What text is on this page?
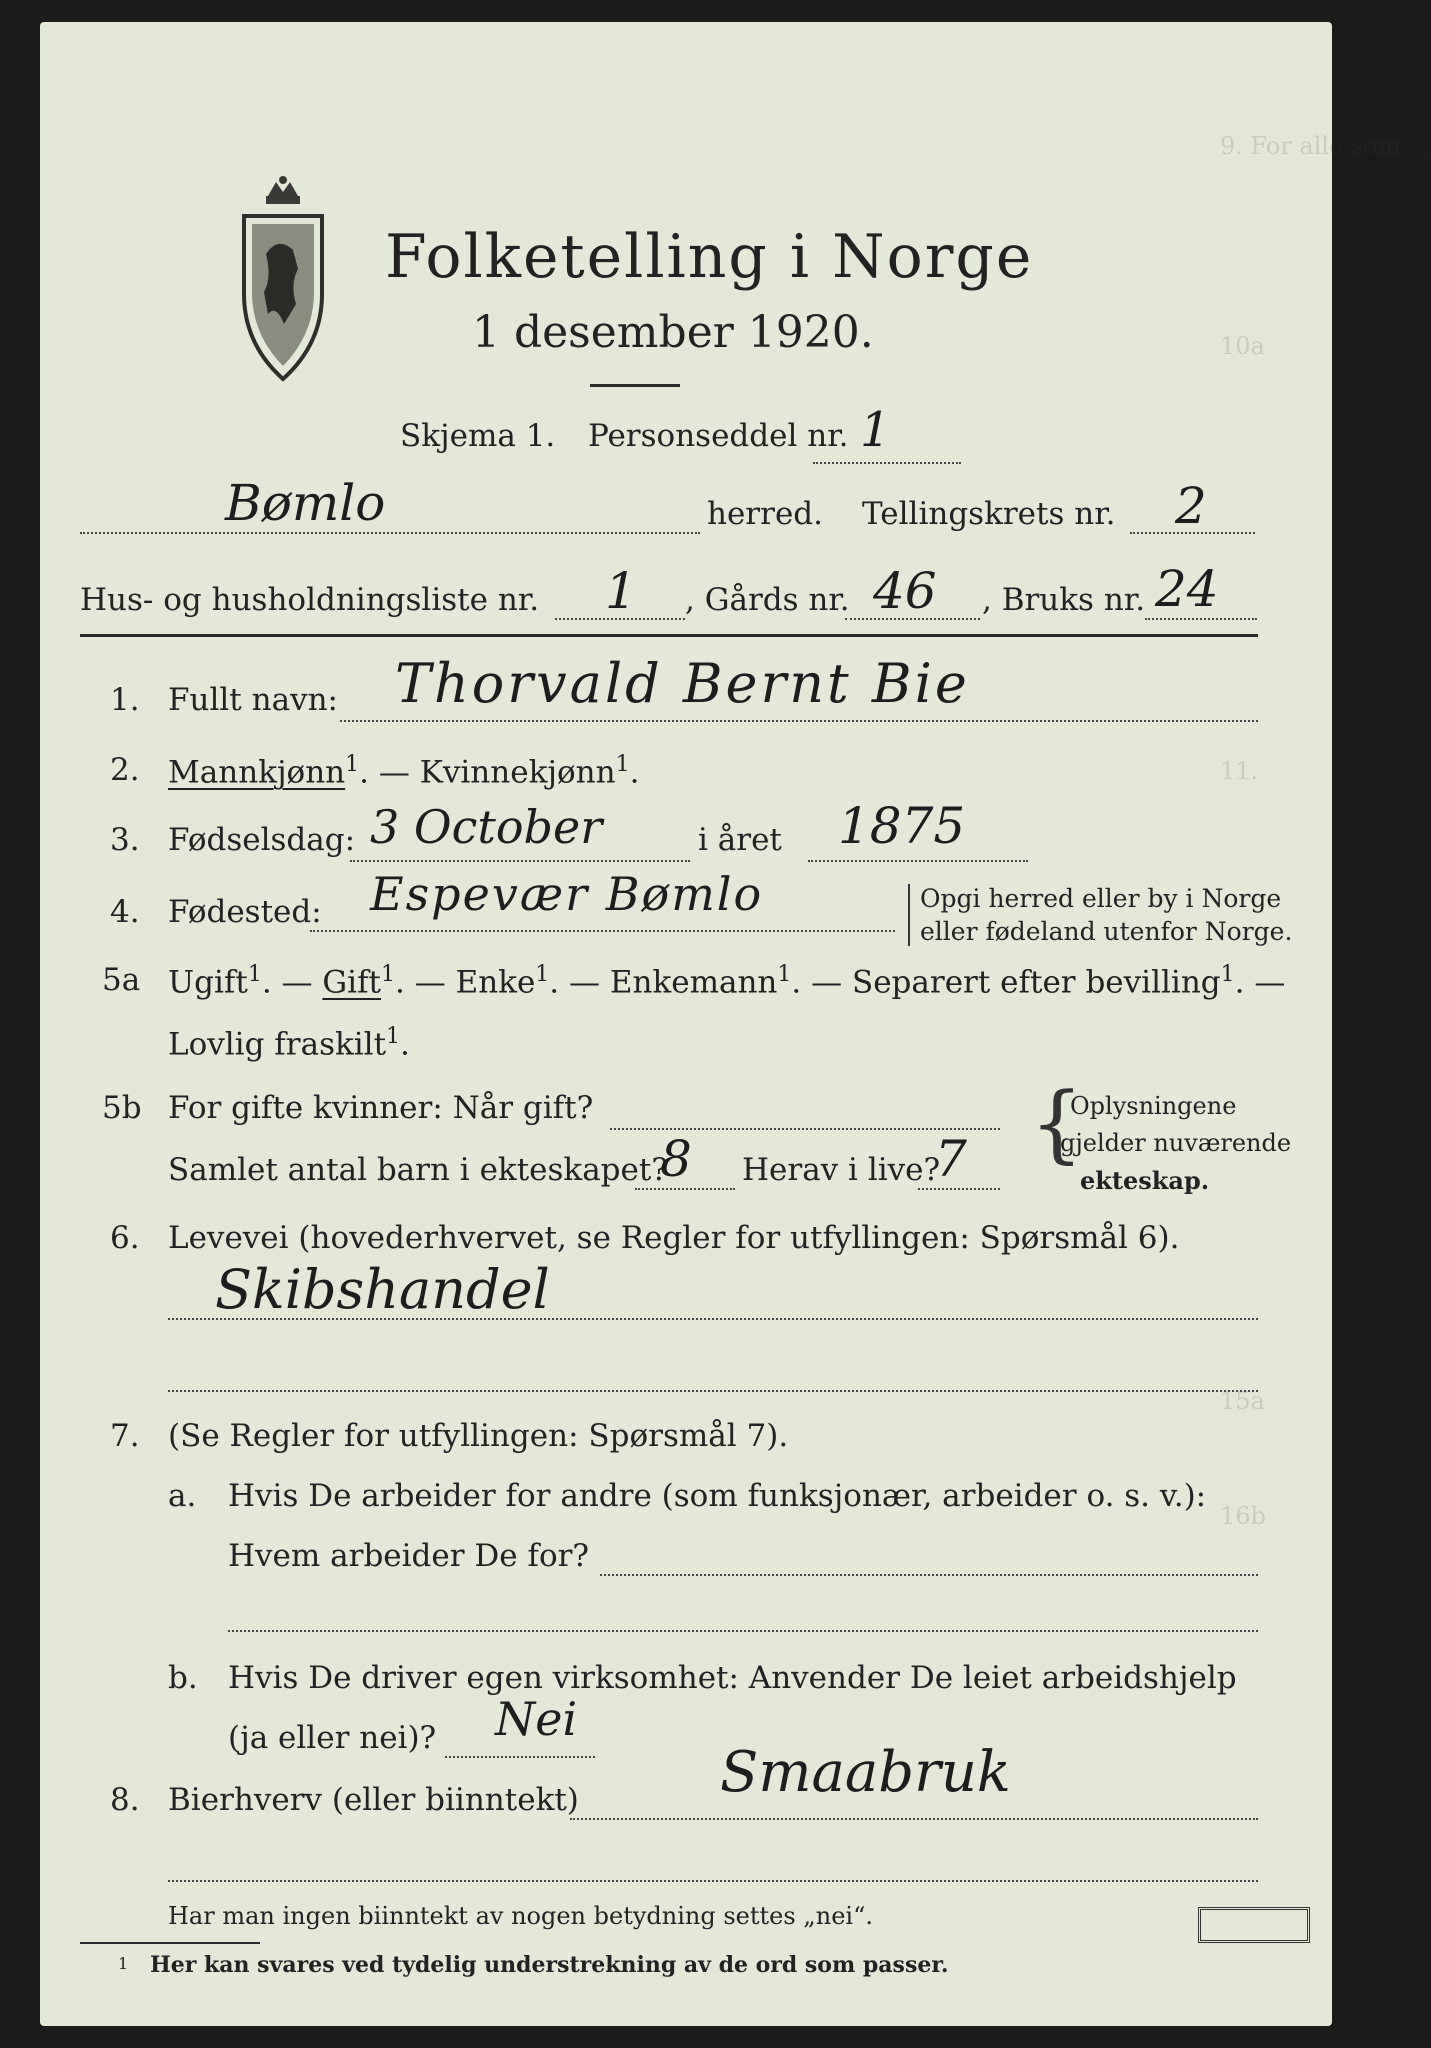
9. For alle som ...
10a
11.
15a
16b
Folketelling i Norge
1 desember 1920.
Skjema 1. Personseddel nr. 1
Bømlo	herred. Tellingskrets nr. 2
Hus- og husholdningsliste nr. 1 , Gårds nr. 46 , Bruks nr. 24
1. Fullt navn: Thorvald Bernt Bie
2. Mannkjønn$^1$. — Kvinnekjønn$^1$.
3. Fødselsdag: 3 October	i året 1875
4. Fødested: Espevær Bømlo	Opgi herred eller by i Norge
eller fødeland utenfor Norge.
5a Ugift$^1$. — Gift$^1$. — Enke$^1$. — Enkemann$^1$. — Separert efter bevilling$^1$. —
Lovlig fraskilt$^1$.
5b For gifte kvinner: Når gift?
Samlet antal barn i ekteskapet?
8 Herav i live?
7 {
Oplysningene
gjelder nuværende
ekteskap.
6. Levevei (hovederhvervet, se Regler for utfyllingen: Spørsmål 6).
Skibshandel
7. (Se Regler for utfyllingen: Spørsmål 7).
a. Hvis De arbeider for andre (som funksjonær, arbeider o. s. v.):
Hvem arbeider De for?
b. Hvis De driver egen virksomhet: Anvender De leiet arbeidshjelp
(ja eller nei)? Nei
8. Bierhverv (eller biinntekt)	Smaabruk
Har man ingen biinntekt av nogen betydning settes „nei“.
1 Her kan svares ved tydelig understrekning av de ord som passer.
